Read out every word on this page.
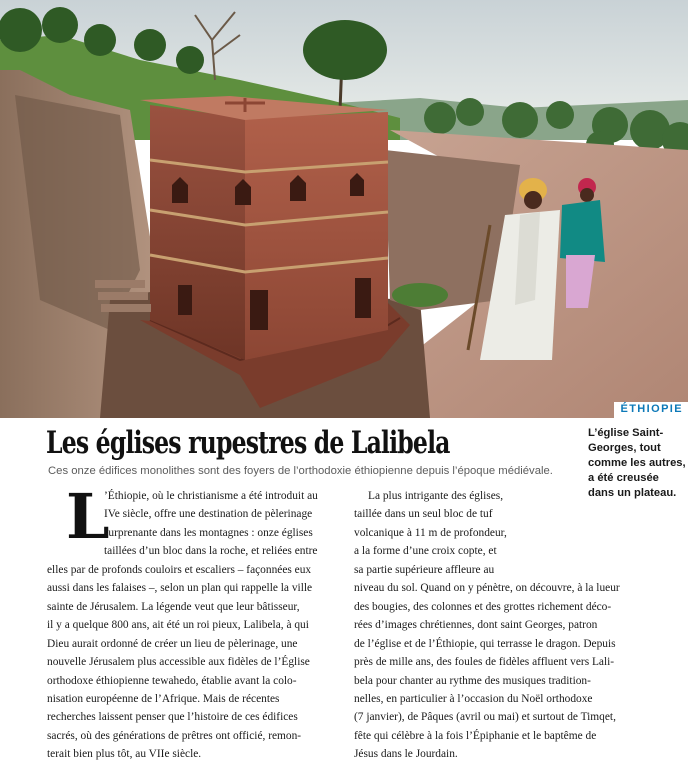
ÉTHIOPIE
Les églises rupestres de Lalibela

Ces onze édifices monolithes sont des foyers de l’orthodoxie éthiopienne depuis l’époque médiévale.

L’église Saint-Georges, tout comme les autres, a été creusée dans un plateau.

L
’Éthiopie, où le christianisme a été introduit au
IVe siècle, offre une destination de pèlerinage
surprenante dans les montagnes : onze églises
taillées d’un bloc dans la roche, et reliées entre
elles par de profonds couloirs et escaliers – façonnées eux
aussi dans les falaises –, selon un plan qui rappelle la ville
sainte de Jérusalem. La légende veut que leur bâtisseur,
il y a quelque 800 ans, ait été un roi pieux, Lalibela, à qui
Dieu aurait ordonné de créer un lieu de pèlerinage, une
nouvelle Jérusalem plus accessible aux fidèles de l’Église
orthodoxe éthiopienne tewahedo, établie avant la colo-
nisation européenne de l’Afrique. Mais de récentes
recherches laissent penser que l’histoire de ces édifices
sacrés, où des générations de prêtres ont officié, remon-
terait bien plus tôt, au VIIe siècle.
La plus intrigante des églises,
taillée dans un seul bloc de tuf
volcanique à 11 m de profondeur,
a la forme d’une croix copte, et
sa partie supérieure affleure au
niveau du sol. Quand on y pénètre, on découvre, à la lueur
des bougies, des colonnes et des grottes richement déco-
rées d’images chrétiennes, dont saint Georges, patron
de l’église et de l’Éthiopie, qui terrasse le dragon. Depuis
près de mille ans, des foules de fidèles affluent vers Lali-
bela pour chanter au rythme des musiques tradition-
nelles, en particulier à l’occasion du Noël orthodoxe
(7 janvier), de Pâques (avril ou mai) et surtout de Timqet,
fête qui célèbre à la fois l’Épiphanie et le baptême de
Jésus dans le Jourdain.
